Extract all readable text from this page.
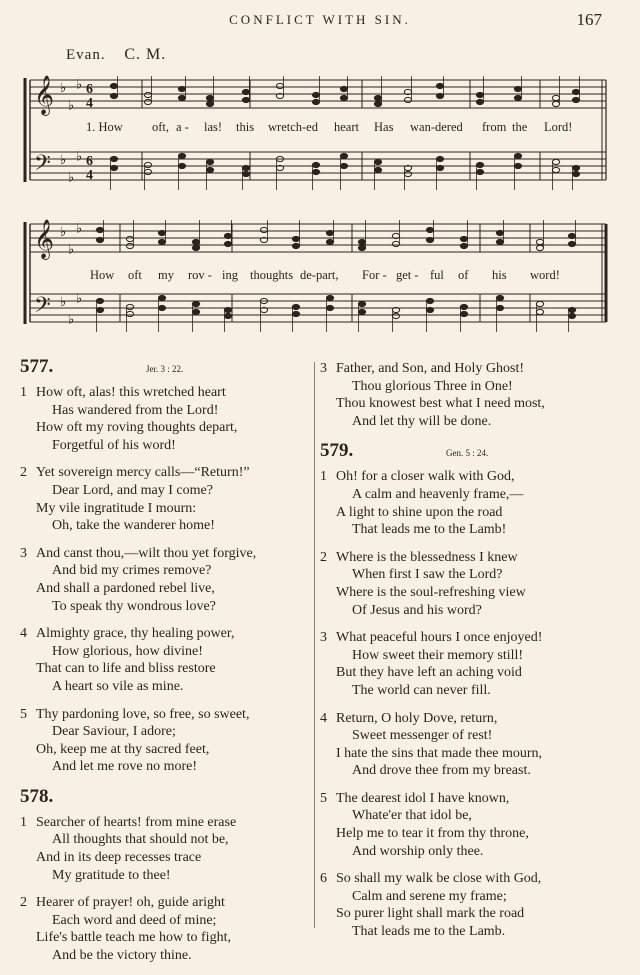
CONFLICT WITH SIN.	167
Evan. C. M.
𝄞 ♭
♭
♭ 6
4
𝄢 ♭
♭
♭ 6
4
𝄞 ♭
♭
♭
𝄢 ♭
♭
♭
1. How oft, a - las! this wretch-ed heart Has wan-dered from the Lord!
How oft my rov - ing thoughts de-part, For - get - ful of his word!
577.	Jer. 3 : 22.
1 How oft, alas! this wretched heart
Has wandered from the Lord!
How oft my roving thoughts depart,
Forgetful of his word!
2 Yet sovereign mercy calls—“Return!”
Dear Lord, and may I come?
My vile ingratitude I mourn:
Oh, take the wanderer home!
3 And canst thou,—wilt thou yet forgive,
And bid my crimes remove?
And shall a pardoned rebel live,
To speak thy wondrous love?
4 Almighty grace, thy healing power,
How glorious, how divine!
That can to life and bliss restore
A heart so vile as mine.
5 Thy pardoning love, so free, so sweet,
Dear Saviour, I adore;
Oh, keep me at thy sacred feet,
And let me rove no more!
578.
1 Searcher of hearts! from mine erase
All thoughts that should not be,
And in its deep recesses trace
My gratitude to thee!
2 Hearer of prayer! oh, guide aright
Each word and deed of mine;
Life's battle teach me how to fight,
And be the victory thine.
3 Father, and Son, and Holy Ghost!
Thou glorious Three in One!
Thou knowest best what I need most,
And let thy will be done.
579.	Gen. 5 : 24.
1 Oh! for a closer walk with God,
A calm and heavenly frame,—
A light to shine upon the road
That leads me to the Lamb!
2 Where is the blessedness I knew
When first I saw the Lord?
Where is the soul-refreshing view
Of Jesus and his word?
3 What peaceful hours I once enjoyed!
How sweet their memory still!
But they have left an aching void
The world can never fill.
4 Return, O holy Dove, return,
Sweet messenger of rest!
I hate the sins that made thee mourn,
And drove thee from my breast.
5 The dearest idol I have known,
Whate'er that idol be,
Help me to tear it from thy throne,
And worship only thee.
6 So shall my walk be close with God,
Calm and serene my frame;
So purer light shall mark the road
That leads me to the Lamb.
